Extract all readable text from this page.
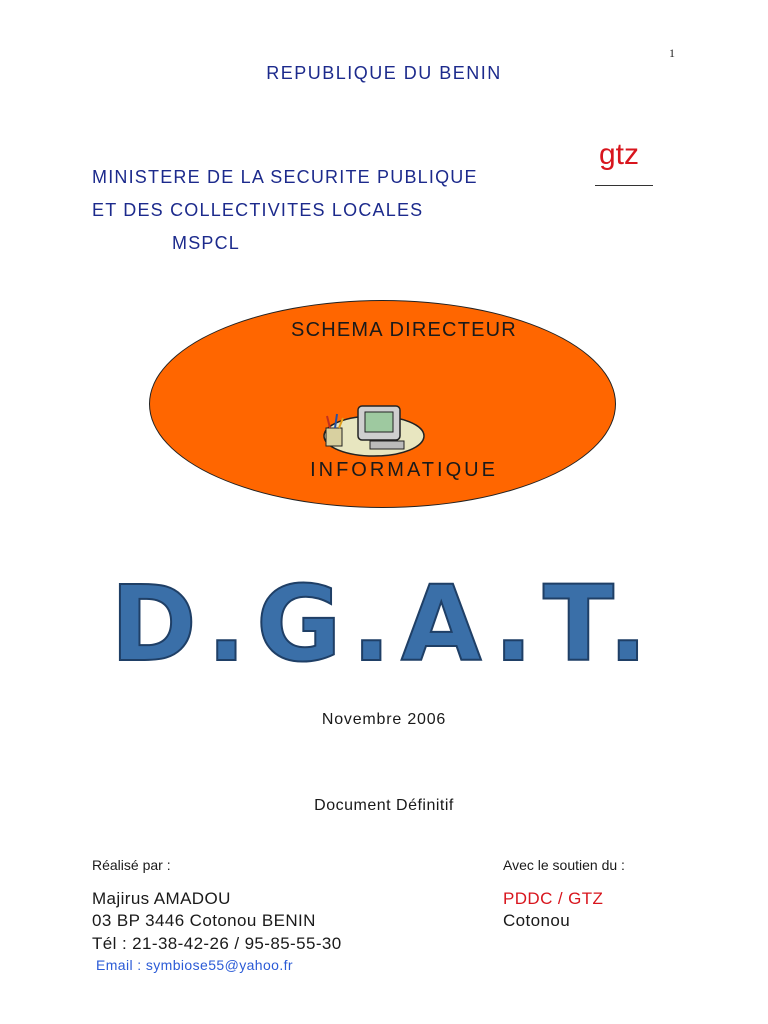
1
REPUBLIQUE DU BENIN
MINISTERE DE LA SECURITE PUBLIQUE
ET DES COLLECTIVITES LOCALES
MSPCL
gtz
SCHEMA DIRECTEUR
INFORMATIQUE
D.G.A.T.
Novembre 2006
Document Définitif
Réalisé par :	Avec le soutien du :
Majirus AMADOU
03 BP 3446 Cotonou BENIN
Tél : 21-38-42-26 / 95-85-55-30
Email : symbiose55@yahoo.fr
PDDC / GTZ
Cotonou
